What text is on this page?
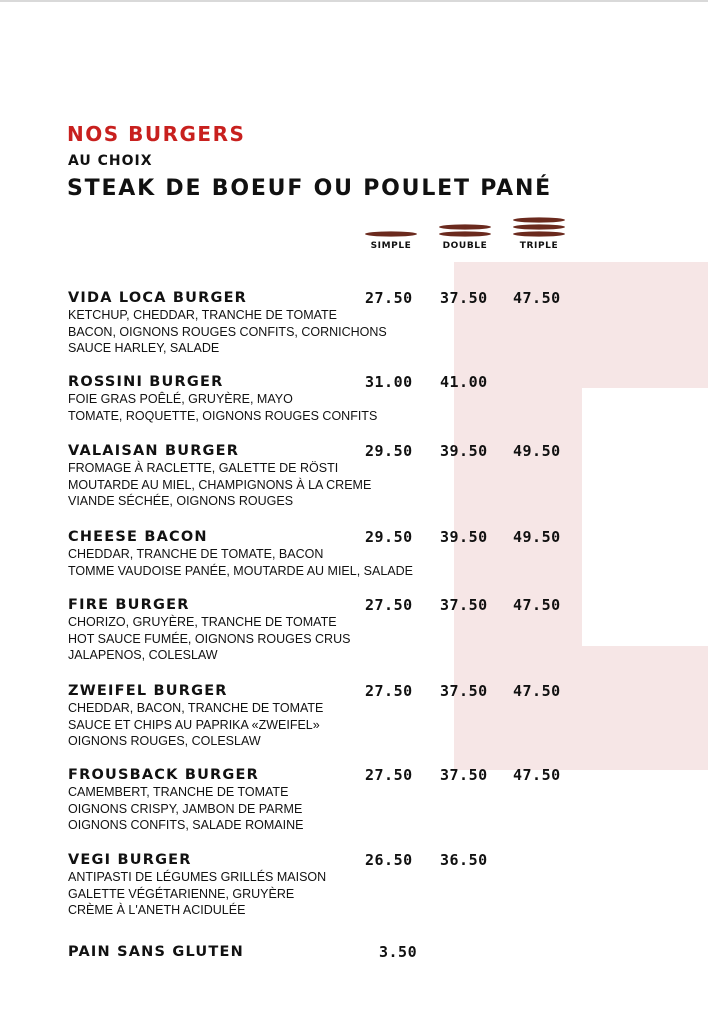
NOS BURGERS
AU CHOIX
STEAK DE BOEUF OU POULET PANÉ
SIMPLE	DOUBLE	TRIPLE
VIDA LOCA BURGER
KETCHUP, CHEDDAR, TRANCHE DE TOMATE
BACON, OIGNONS ROUGES CONFITS, CORNICHONS
SAUCE HARLEY, SALADE
27.50 37.50 47.50
ROSSINI BURGER
FOIE GRAS POÊLÉ, GRUYÈRE, MAYO
TOMATE, ROQUETTE, OIGNONS ROUGES CONFITS
31.00 41.00
VALAISAN BURGER
FROMAGE À RACLETTE, GALETTE DE RÖSTI
MOUTARDE AU MIEL, CHAMPIGNONS À LA CREME
VIANDE SÉCHÉE, OIGNONS ROUGES
29.50 39.50 49.50
CHEESE BACON
CHEDDAR, TRANCHE DE TOMATE, BACON
TOMME VAUDOISE PANÉE, MOUTARDE AU MIEL, SALADE
29.50 39.50 49.50
FIRE BURGER
CHORIZO, GRUYÈRE, TRANCHE DE TOMATE
HOT SAUCE FUMÉE, OIGNONS ROUGES CRUS
JALAPENOS, COLESLAW
27.50 37.50 47.50
ZWEIFEL BURGER
CHEDDAR, BACON, TRANCHE DE TOMATE
SAUCE ET CHIPS AU PAPRIKA «ZWEIFEL»
OIGNONS ROUGES, COLESLAW
27.50 37.50 47.50
FROUSBACK BURGER
CAMEMBERT, TRANCHE DE TOMATE
OIGNONS CRISPY, JAMBON DE PARME
OIGNONS CONFITS, SALADE ROMAINE
27.50 37.50 47.50
VEGI BURGER
ANTIPASTI DE LÉGUMES GRILLÉS MAISON
GALETTE VÉGÉTARIENNE, GRUYÈRE
CRÈME À L'ANETH ACIDULÉE
26.50 36.50
PAIN SANS GLUTEN	3.50
